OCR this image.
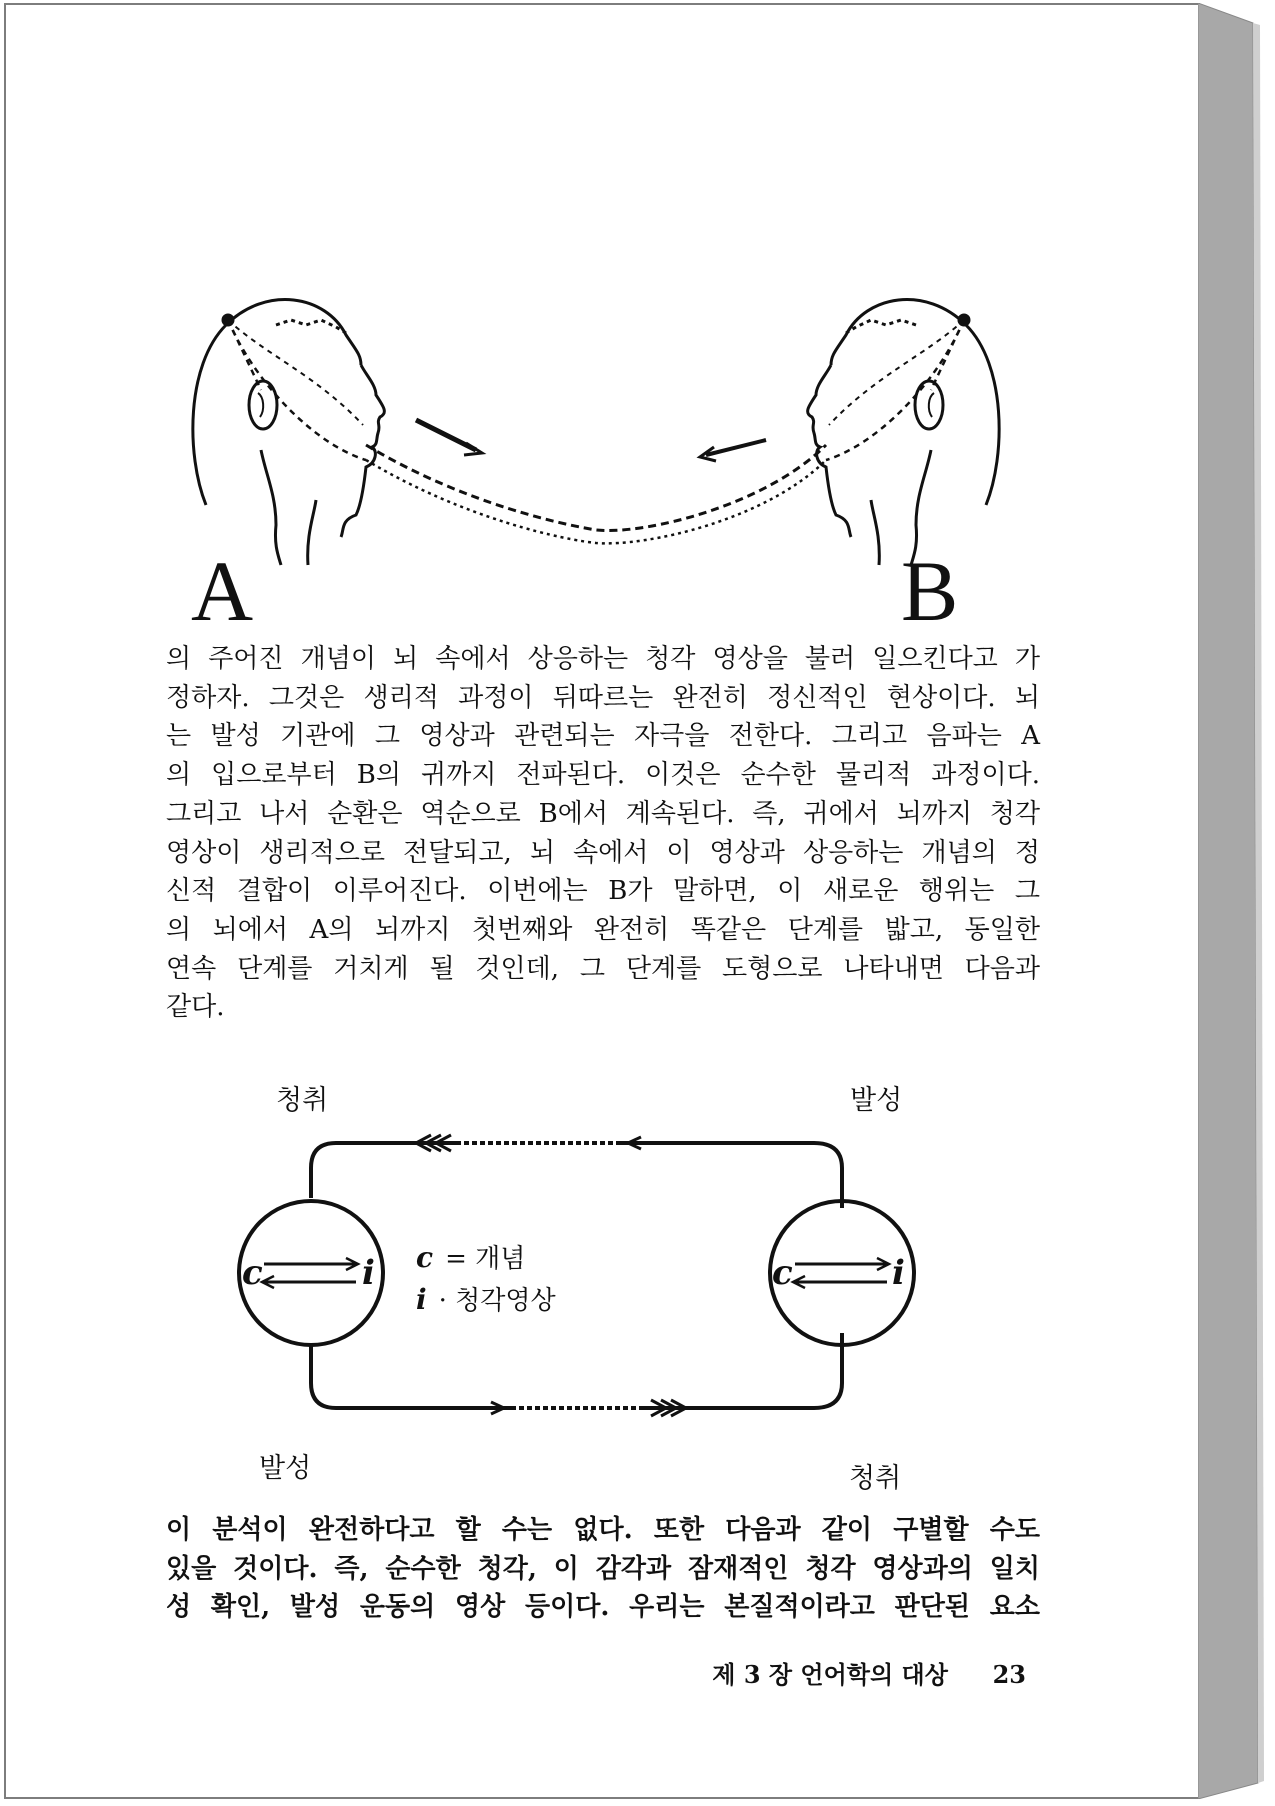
A	B
의 주어진 개념이 뇌 속에서 상응하는 청각 영상을 불러 일으킨다고 가
정하자. 그것은 생리적 과정이 뒤따르는 완전히 정신적인 현상이다. 뇌
는 발성 기관에 그 영상과 관련되는 자극을 전한다. 그리고 음파는 A
의 입으로부터 B의 귀까지 전파된다. 이것은 순수한 물리적 과정이다.
그리고 나서 순환은 역순으로 B에서 계속된다. 즉, 귀에서 뇌까지 청각
영상이 생리적으로 전달되고, 뇌 속에서 이 영상과 상응하는 개념의 정
신적 결합이 이루어진다. 이번에는 B가 말하면, 이 새로운 행위는 그
의 뇌에서 A의 뇌까지 첫번째와 완전히 똑같은 단계를 밟고, 동일한
연속 단계를 거치게 될 것인데, 그 단계를 도형으로 나타내면 다음과
같다.
청취	발성
발성	청취
c	i	c	i
c = 개념
i · 청각영상
이 분석이 완전하다고 할 수는 없다. 또한 다음과 같이 구별할 수도
있을 것이다. 즉, 순수한 청각, 이 감각과 잠재적인 청각 영상과의 일치
성 확인, 발성 운동의 영상 등이다. 우리는 본질적이라고 판단된 요소
제 3 장 언어학의 대상 23
